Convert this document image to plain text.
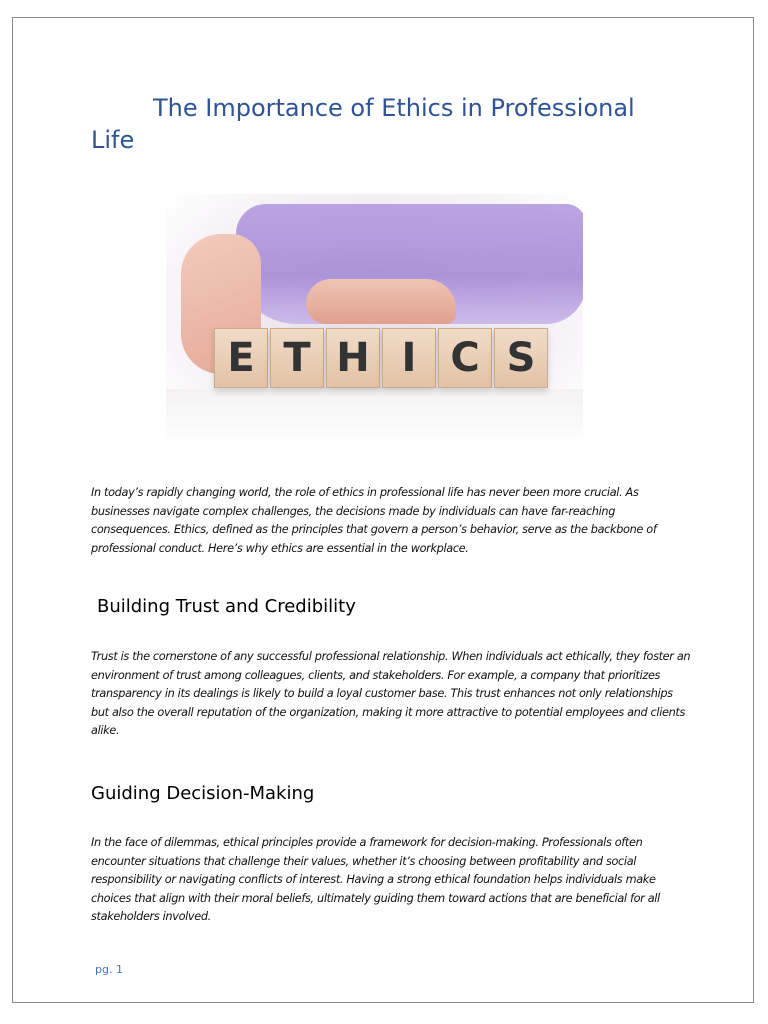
The Importance of Ethics in Professional Life
E T H I C S

In today’s rapidly changing world, the role of ethics in professional life has never been more crucial. As businesses navigate complex challenges, the decisions made by individuals can have far-reaching consequences. Ethics, defined as the principles that govern a person’s behavior, serve as the backbone of professional conduct. Here’s why ethics are essential in the workplace.

Building Trust and Credibility

Trust is the cornerstone of any successful professional relationship. When individuals act ethically, they foster an environment of trust among colleagues, clients, and stakeholders. For example, a company that prioritizes transparency in its dealings is likely to build a loyal customer base. This trust enhances not only relationships but also the overall reputation of the organization, making it more attractive to potential employees and clients alike.

Guiding Decision-Making

In the face of dilemmas, ethical principles provide a framework for decision-making. Professionals often encounter situations that challenge their values, whether it’s choosing between profitability and social responsibility or navigating conflicts of interest. Having a strong ethical foundation helps individuals make choices that align with their moral beliefs, ultimately guiding them toward actions that are beneficial for all stakeholders involved.

pg. 1
